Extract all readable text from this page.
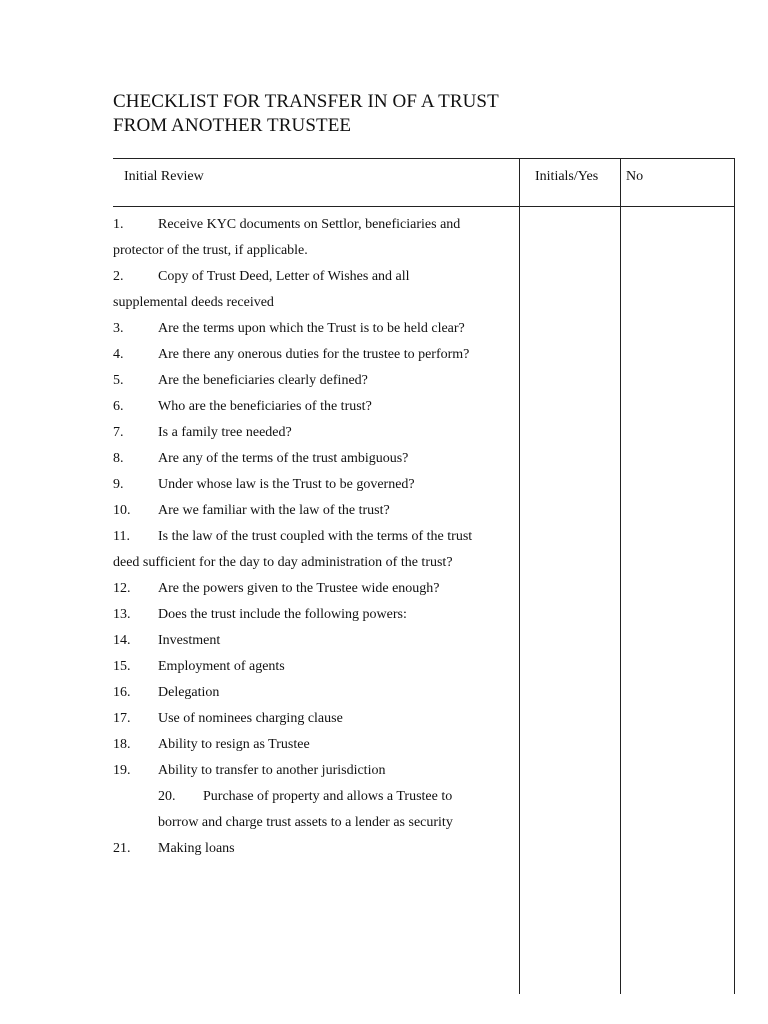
CHECKLIST FOR TRANSFER IN OF A TRUST
FROM ANOTHER TRUSTEE
Initial Review	Initials/Yes No
1. Receive KYC documents on Settlor, beneficiaries and
protector of the trust, if applicable.
2. Copy of Trust Deed, Letter of Wishes and all
supplemental deeds received
3. Are the terms upon which the Trust is to be held clear?
4. Are there any onerous duties for the trustee to perform?
5. Are the beneficiaries clearly defined?
6. Who are the beneficiaries of the trust?
7. Is a family tree needed?
8. Are any of the terms of the trust ambiguous?
9. Under whose law is the Trust to be governed?
10. Are we familiar with the law of the trust?
11. Is the law of the trust coupled with the terms of the trust
deed sufficient for the day to day administration of the trust?
12. Are the powers given to the Trustee wide enough?
13. Does the trust include the following powers:
14. Investment
15. Employment of agents
16. Delegation
17. Use of nominees charging clause
18. Ability to resign as Trustee
19. Ability to transfer to another jurisdiction
20. Purchase of property and allows a Trustee to
borrow and charge trust assets to a lender as security
21. Making loans
